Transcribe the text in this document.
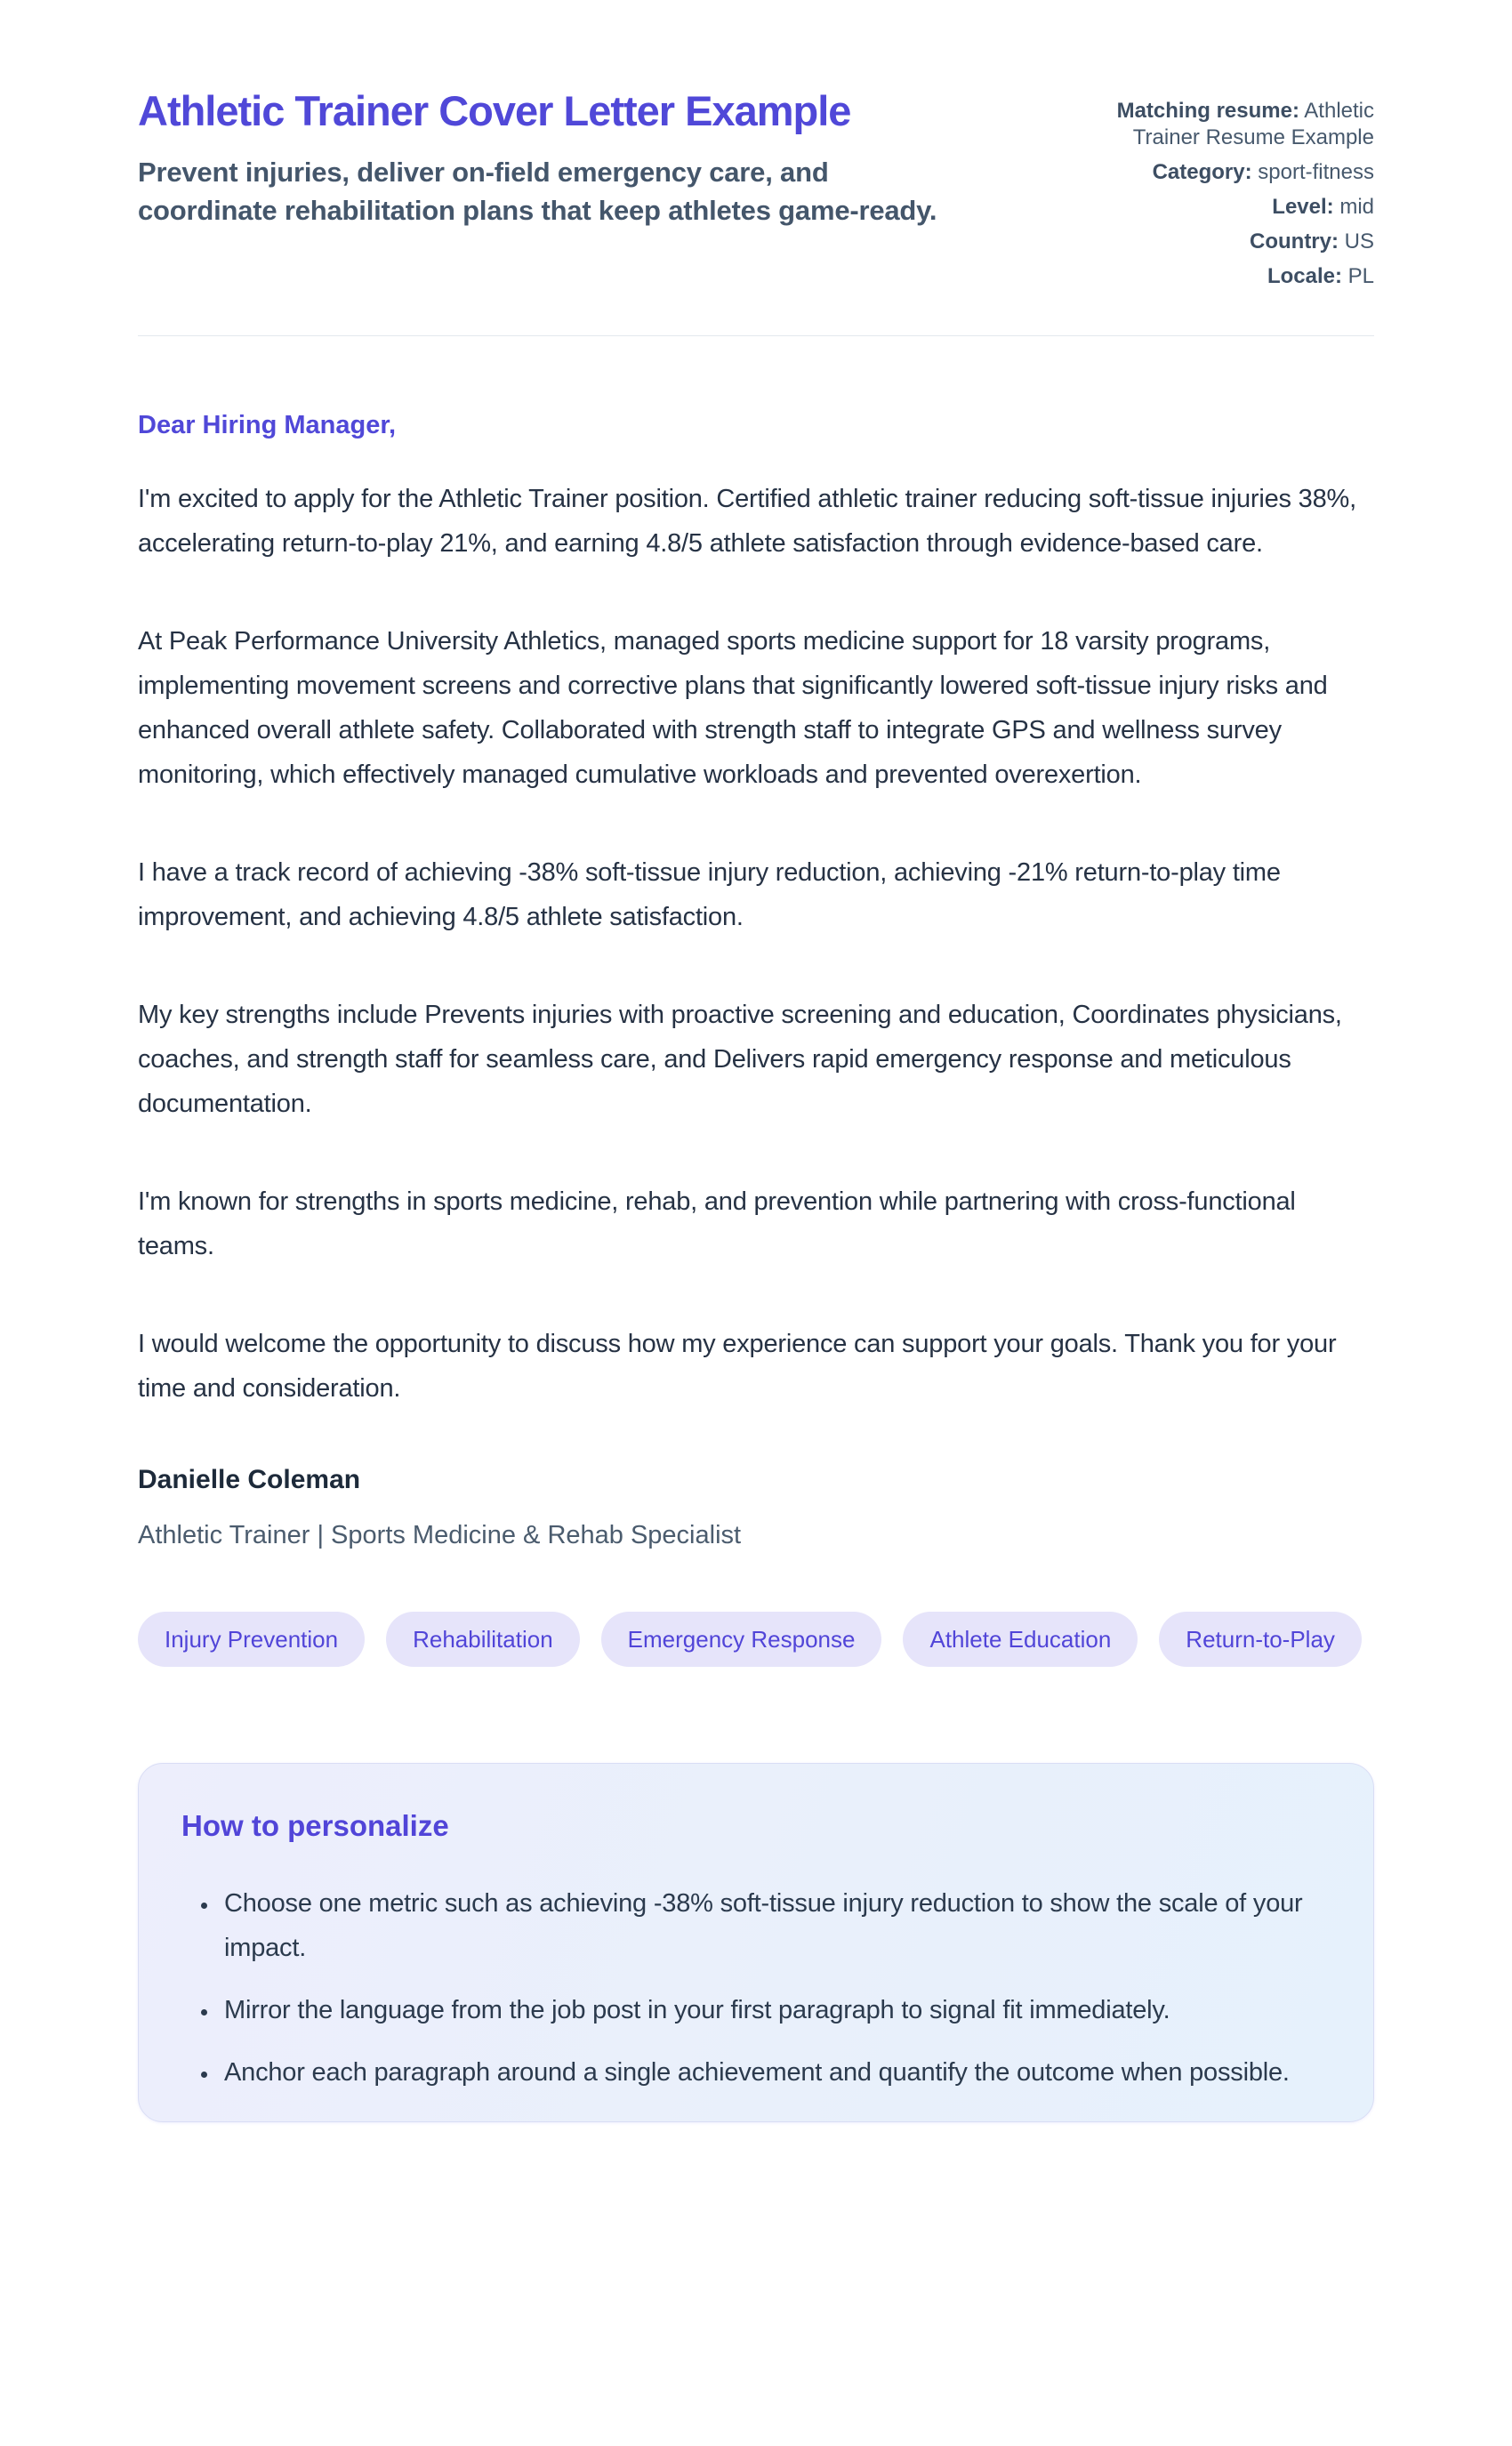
Athletic Trainer Cover Letter Example

Prevent injuries, deliver on-field emergency care, and coordinate rehabilitation plans that keep athletes game-ready.

Matching resume: Athletic Trainer Resume Example
Category: sport-fitness
Level: mid
Country: US
Locale: PL

Dear Hiring Manager,

I'm excited to apply for the Athletic Trainer position. Certified athletic trainer reducing soft-tissue injuries 38%, accelerating return-to-play 21%, and earning 4.8/5 athlete satisfaction through evidence-based care.

At Peak Performance University Athletics, managed sports medicine support for 18 varsity programs, implementing movement screens and corrective plans that significantly lowered soft-tissue injury risks and enhanced overall athlete safety. Collaborated with strength staff to integrate GPS and wellness survey monitoring, which effectively managed cumulative workloads and prevented overexertion.

I have a track record of achieving -38% soft-tissue injury reduction, achieving -21% return-to-play time improvement, and achieving 4.8/5 athlete satisfaction.

My key strengths include Prevents injuries with proactive screening and education, Coordinates physicians, coaches, and strength staff for seamless care, and Delivers rapid emergency response and meticulous documentation.

I'm known for strengths in sports medicine, rehab, and prevention while partnering with cross-functional teams.

I would welcome the opportunity to discuss how my experience can support your goals. Thank you for your time and consideration.

Danielle Coleman

Athletic Trainer | Sports Medicine & Rehab Specialist

Injury Prevention	Rehabilitation	Emergency Response	Athlete Education	Return-to-Play
How to personalize
• Choose one metric such as achieving -38% soft-tissue injury reduction to show the scale of your impact.
• Mirror the language from the job post in your first paragraph to signal fit immediately.
• Anchor each paragraph around a single achievement and quantify the outcome when possible.
